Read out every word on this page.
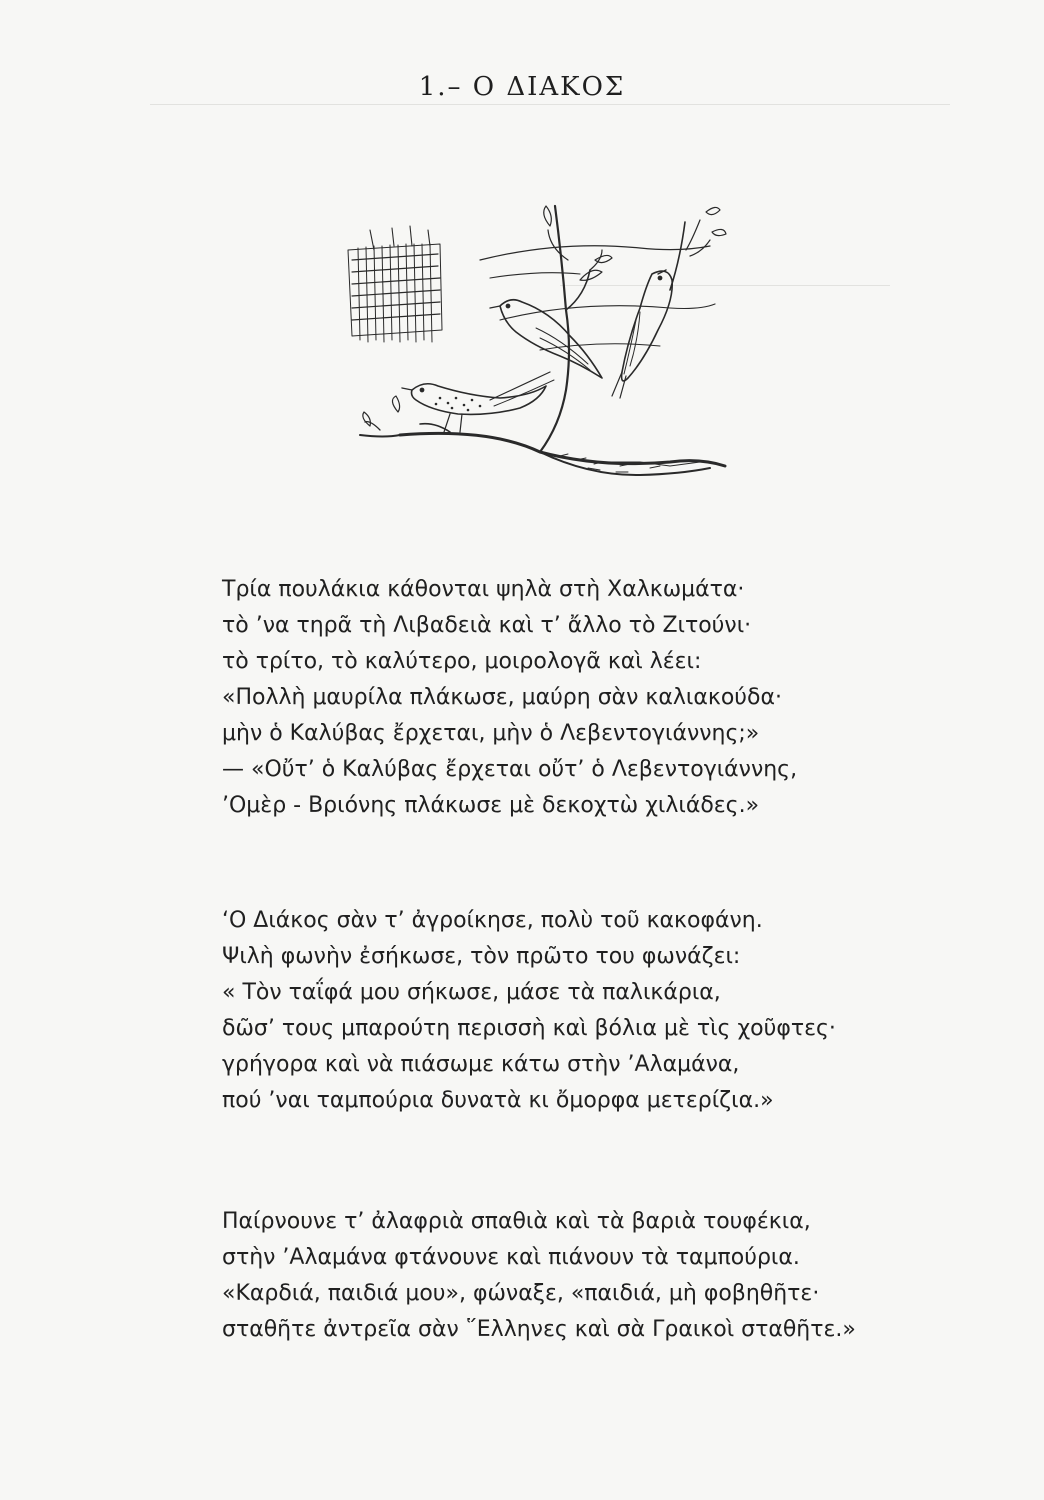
1.– Ο ΔΙΑΚΟΣ
Τρία πουλάκια κάθονται ψηλὰ στὴ Χαλκωμάτα·
τὸ ’να τηρᾶ τὴ Λιβαδειὰ καὶ τ’ ἄλλο τὸ Ζιτούνι·
τὸ τρίτο, τὸ καλύτερο, μοιρολογᾶ καὶ λέει:
«Πολλὴ μαυρίλα πλάκωσε, μαύρη σὰν καλιακούδα·
μὴν ὁ Καλύβας ἔρχεται, μὴν ὁ Λεβεντογιάννης;»
— «Οὔτ’ ὁ Καλύβας ἔρχεται οὔτ’ ὁ Λεβεντογιάννης,
’Ομὲρ - Βριόνης πλάκωσε μὲ δεκοχτὼ χιλιάδες.»
‘Ο Διάκος σὰν τ’ ἀγροίκησε, πολὺ τοῦ κακοφάνη.
Ψιλὴ φωνὴν ἐσήκωσε, τὸν πρῶτο του φωνάζει:
« Τὸν ταΐφά μου σήκωσε, μάσε τὰ παλικάρια,
δῶσ’ τους μπαρούτη περισσὴ καὶ βόλια μὲ τὶς χοῦφτες·
γρήγορα καὶ νὰ πιάσωμε κάτω στὴν ’Αλαμάνα,
πού ’ναι ταμπούρια δυνατὰ κι ὄμορφα μετερίζια.»
Παίρνουνε τ’ ἀλαφριὰ σπαθιὰ καὶ τὰ βαριὰ τουφέκια,
στὴν ’Αλαμάνα φτάνουνε καὶ πιάνουν τὰ ταμπούρια.
«Καρδιά, παιδιά μου», φώναξε, «παιδιά, μὴ φοβηθῆτε·
σταθῆτε ἀντρεῖα σὰν ῞Ελληνες καὶ σὰ Γραικοὶ σταθῆτε.»
